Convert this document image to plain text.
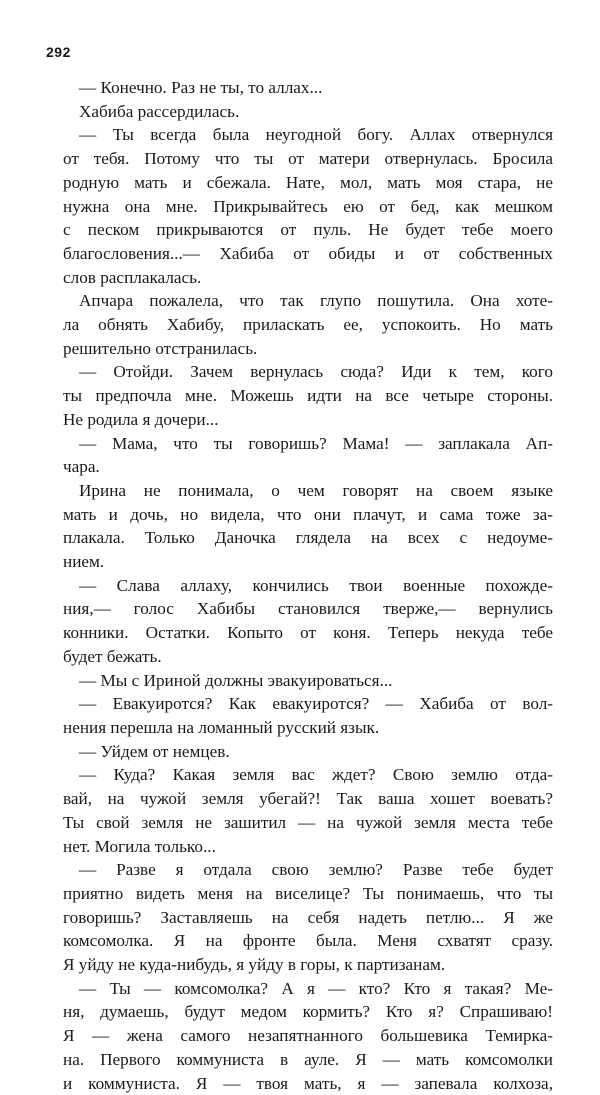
292
— Конечно. Раз не ты, то аллах...
Хабиба рассердилась.
— Ты всегда была неугодной богу. Аллах отвернулся
от тебя. Потому что ты от матери отвернулась. Бросила
родную мать и сбежала. Нате, мол, мать моя стара, не
нужна она мне. Прикрывайтесь ею от бед, как мешком
с песком прикрываются от пуль. Не будет тебе моего
благословения...— Хабиба от обиды и от собственных
слов расплакалась.
Апчара пожалела, что так глупо пошутила. Она хоте-
ла обнять Хабибу, приласкать ее, успокоить. Но мать
решительно отстранилась.
— Отойди. Зачем вернулась сюда? Иди к тем, кого
ты предпочла мне. Можешь идти на все четыре стороны.
Не родила я дочери...
— Мама, что ты говоришь? Мама! — заплакала Ап-
чара.
Ирина не понимала, о чем говорят на своем языке
мать и дочь, но видела, что они плачут, и сама тоже за-
плакала. Только Даночка глядела на всех с недоуме-
нием.
— Слава аллаху, кончились твои военные похожде-
ния,— голос Хабибы становился тверже,— вернулись
конники. Остатки. Копыто от коня. Теперь некуда тебе
будет бежать.
— Мы с Ириной должны эвакуироваться...
— Евакуиротся? Как евакуиротся? — Хабиба от вол-
нения перешла на ломанный русский язык.
— Уйдем от немцев.
— Куда? Какая земля вас ждет? Свою землю отда-
вай, на чужой земля убегай?! Так ваша хошет воевать?
Ты свой земля не зашитил — на чужой земля места тебе
нет. Могила только...
— Разве я отдала свою землю? Разве тебе будет
приятно видеть меня на виселице? Ты понимаешь, что ты
говоришь? Заставляешь на себя надеть петлю... Я же
комсомолка. Я на фронте была. Меня схватят сразу.
Я уйду не куда-нибудь, я уйду в горы, к партизанам.
— Ты — комсомолка? А я — кто? Кто я такая? Ме-
ня, думаешь, будут медом кормить? Кто я? Спрашиваю!
Я — жена самого незапятнанного большевика Темирка-
на. Первого коммуниста в ауле. Я — мать комсомолки
и коммуниста. Я — твоя мать, я — запевала колхоза,
